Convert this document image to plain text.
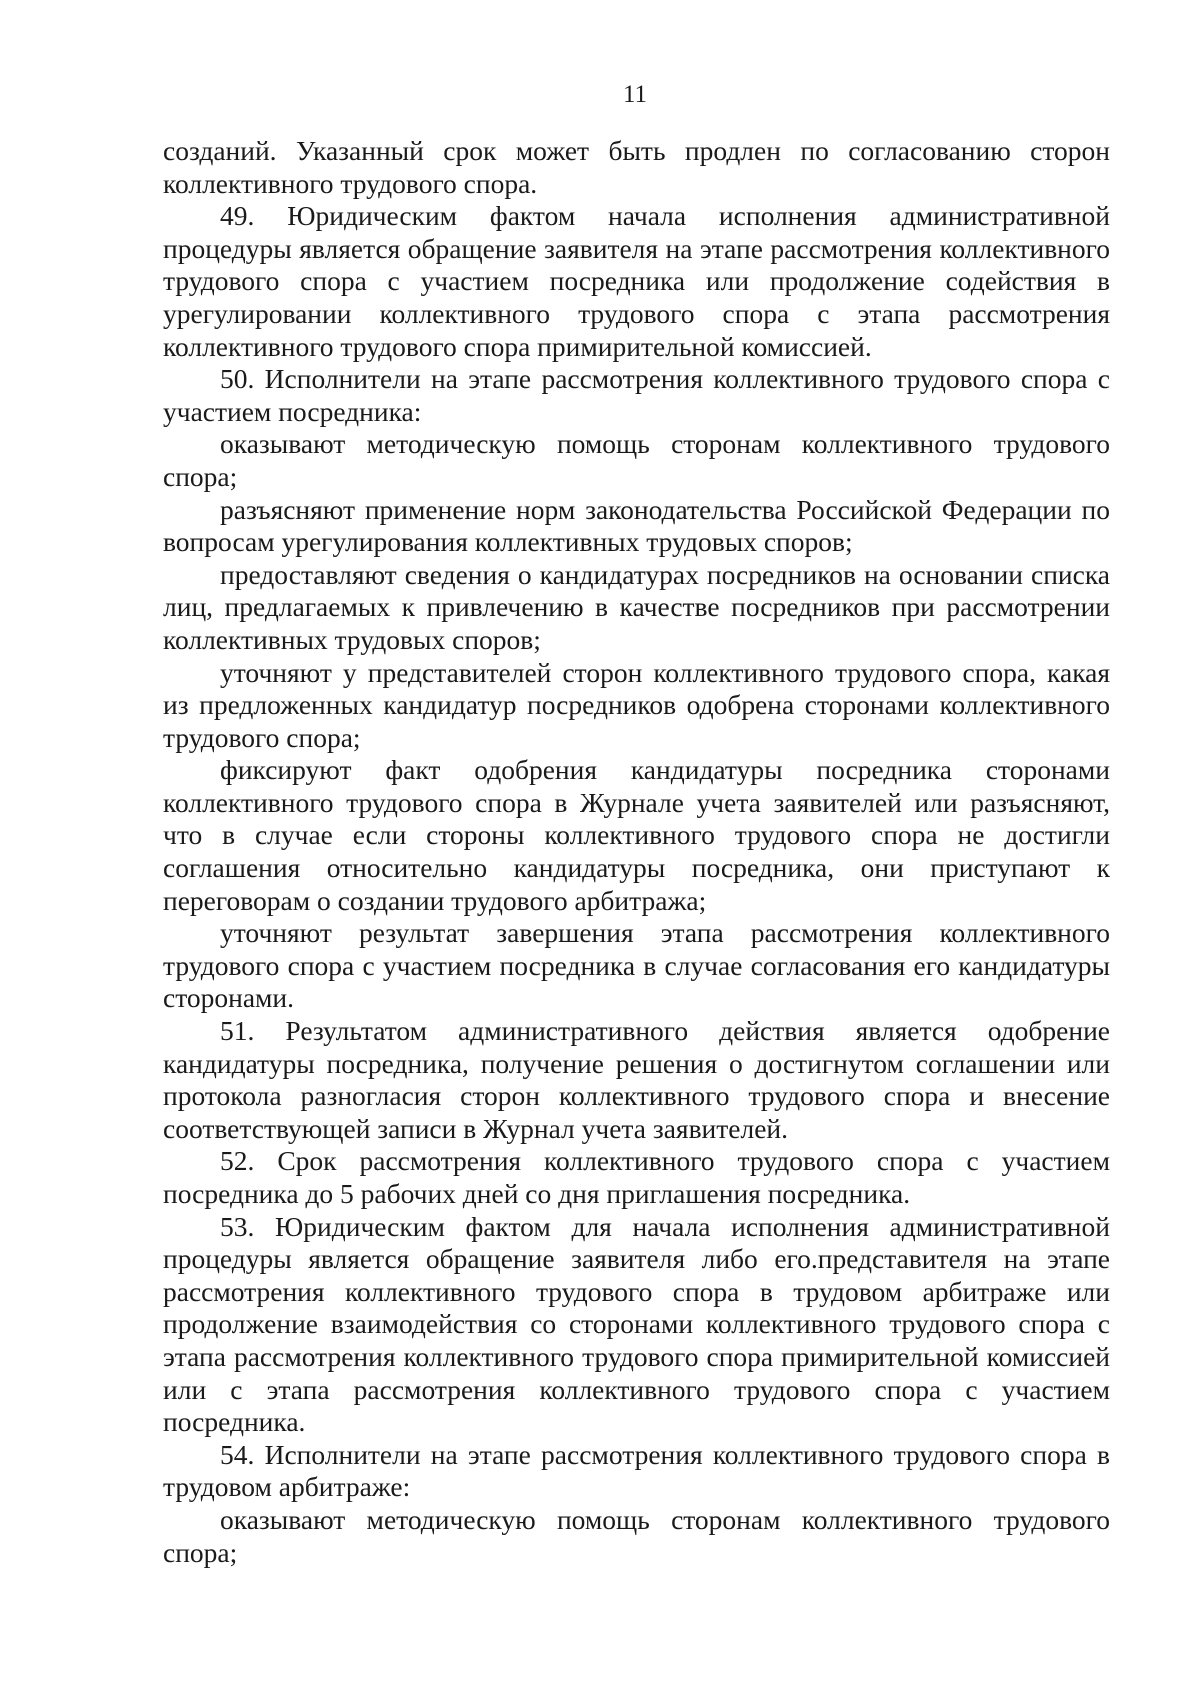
11

созданий. Указанный срок может быть продлен по согласованию сторон коллективного трудового спора.

49. Юридическим фактом начала исполнения административной процедуры является обращение заявителя на этапе рассмотрения коллективного трудового спора с участием посредника или продолжение содействия в урегулировании коллективного трудового спора с этапа рассмотрения коллективного трудового спора примирительной комиссией.

50. Исполнители на этапе рассмотрения коллективного трудового спора с участием посредника:

оказывают методическую помощь сторонам коллективного трудового спора;

разъясняют применение норм законодательства Российской Федерации по вопросам урегулирования коллективных трудовых споров;

предоставляют сведения о кандидатурах посредников на основании списка лиц, предлагаемых к привлечению в качестве посредников при рассмотрении коллективных трудовых споров;

уточняют у представителей сторон коллективного трудового спора, какая из предложенных кандидатур посредников одобрена сторонами коллективного трудового спора;

фиксируют факт одобрения кандидатуры посредника сторонами коллективного трудового спора в Журнале учета заявителей или разъясняют, что в случае если стороны коллективного трудового спора не достигли соглашения относительно кандидатуры посредника, они приступают к переговорам о создании трудового арбитража;

уточняют результат завершения этапа рассмотрения коллективного трудового спора с участием посредника в случае согласования его кандидатуры сторонами.

51. Результатом административного действия является одобрение кандидатуры посредника, получение решения о достигнутом соглашении или протокола разногласия сторон коллективного трудового спора и внесение соответствующей записи в Журнал учета заявителей.

52. Срок рассмотрения коллективного трудового спора с участием посредника до 5 рабочих дней со дня приглашения посредника.

53. Юридическим фактом для начала исполнения административной процедуры является обращение заявителя либо его.представителя на этапе рассмотрения коллективного трудового спора в трудовом арбитраже или продолжение взаимодействия со сторонами коллективного трудового спора с этапа рассмотрения коллективного трудового спора примирительной комиссией или с этапа рассмотрения коллективного трудового спора с участием посредника.

54. Исполнители на этапе рассмотрения коллективного трудового спора в трудовом арбитраже:

оказывают методическую помощь сторонам коллективного трудового спора;
